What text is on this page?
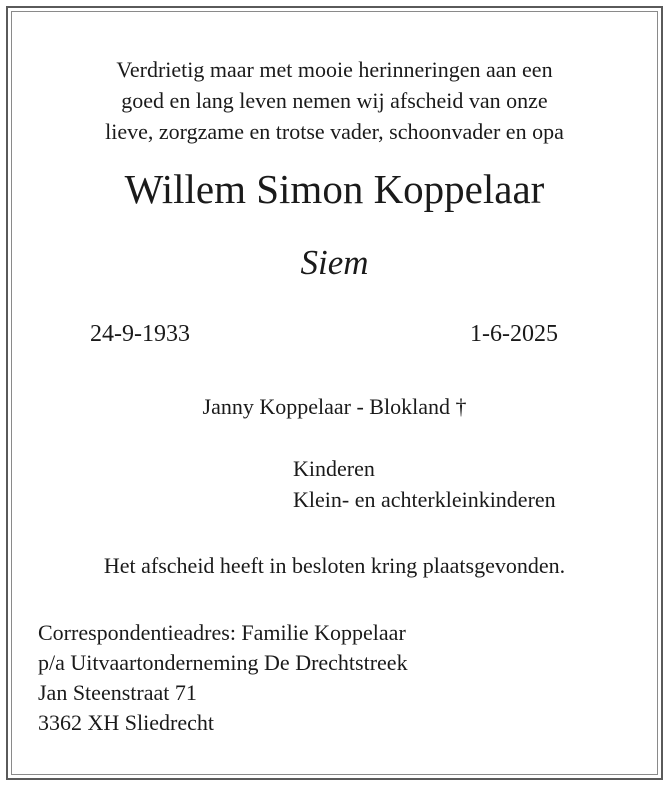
Verdrietig maar met mooie herinneringen aan een
goed en lang leven nemen wij afscheid van onze
lieve, zorgzame en trotse vader, schoonvader en opa
Willem Simon Koppelaar
Siem
24-9-1933	1-6-2025
Janny Koppelaar - Blokland †
Kinderen
Klein- en achterkleinkinderen
Het afscheid heeft in besloten kring plaatsgevonden.
Correspondentieadres: Familie Koppelaar
p/a Uitvaartonderneming De Drechtstreek
Jan Steenstraat 71
3362 XH Sliedrecht
